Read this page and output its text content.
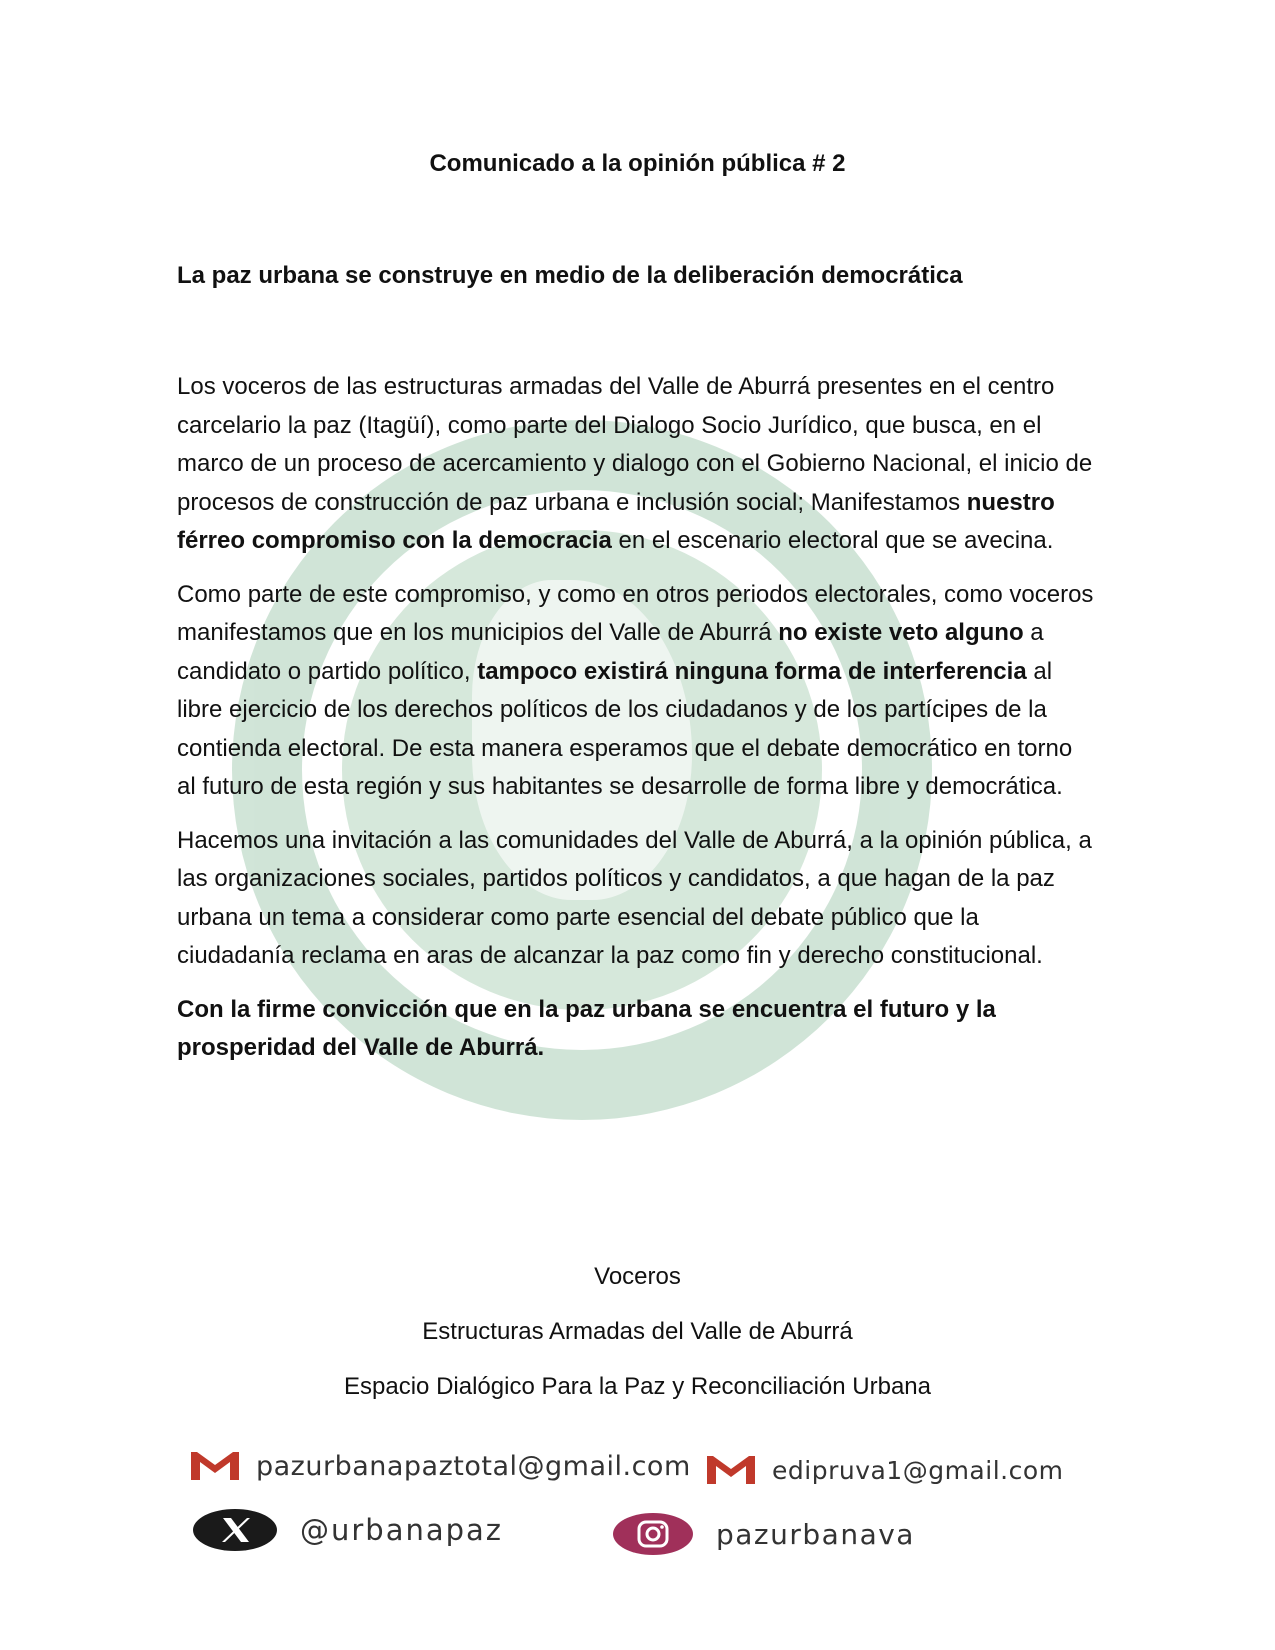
Comunicado a la opinión pública # 2
La paz urbana se construye en medio de la deliberación democrática

Los voceros de las estructuras armadas del Valle de Aburrá presentes en el centro carcelario la paz (Itagüí), como parte del Dialogo Socio Jurídico, que busca, en el marco de un proceso de acercamiento y dialogo con el Gobierno Nacional, el inicio de procesos de construcción de paz urbana e inclusión social; Manifestamos nuestro férreo compromiso con la democracia en el escenario electoral que se avecina.

Como parte de este compromiso, y como en otros periodos electorales, como voceros manifestamos que en los municipios del Valle de Aburrá no existe veto alguno a candidato o partido político, tampoco existirá ninguna forma de interferencia al libre ejercicio de los derechos políticos de los ciudadanos y de los partícipes de la contienda electoral. De esta manera esperamos que el debate democrático en torno al futuro de esta región y sus habitantes se desarrolle de forma libre y democrática.

Hacemos una invitación a las comunidades del Valle de Aburrá, a la opinión pública, a las organizaciones sociales, partidos políticos y candidatos, a que hagan de la paz urbana un tema a considerar como parte esencial del debate público que la ciudadanía reclama en aras de alcanzar la paz como fin y derecho constitucional.

Con la firme convicción que en la paz urbana se encuentra el futuro y la prosperidad del Valle de Aburrá.

Voceros
Estructuras Armadas del Valle de Aburrá
Espacio Dialógico Para la Paz y Reconciliación Urbana
pazurbanapaztotal@gmail.com	edipruva1@gmail.com
@urbanapaz	pazurbanava
